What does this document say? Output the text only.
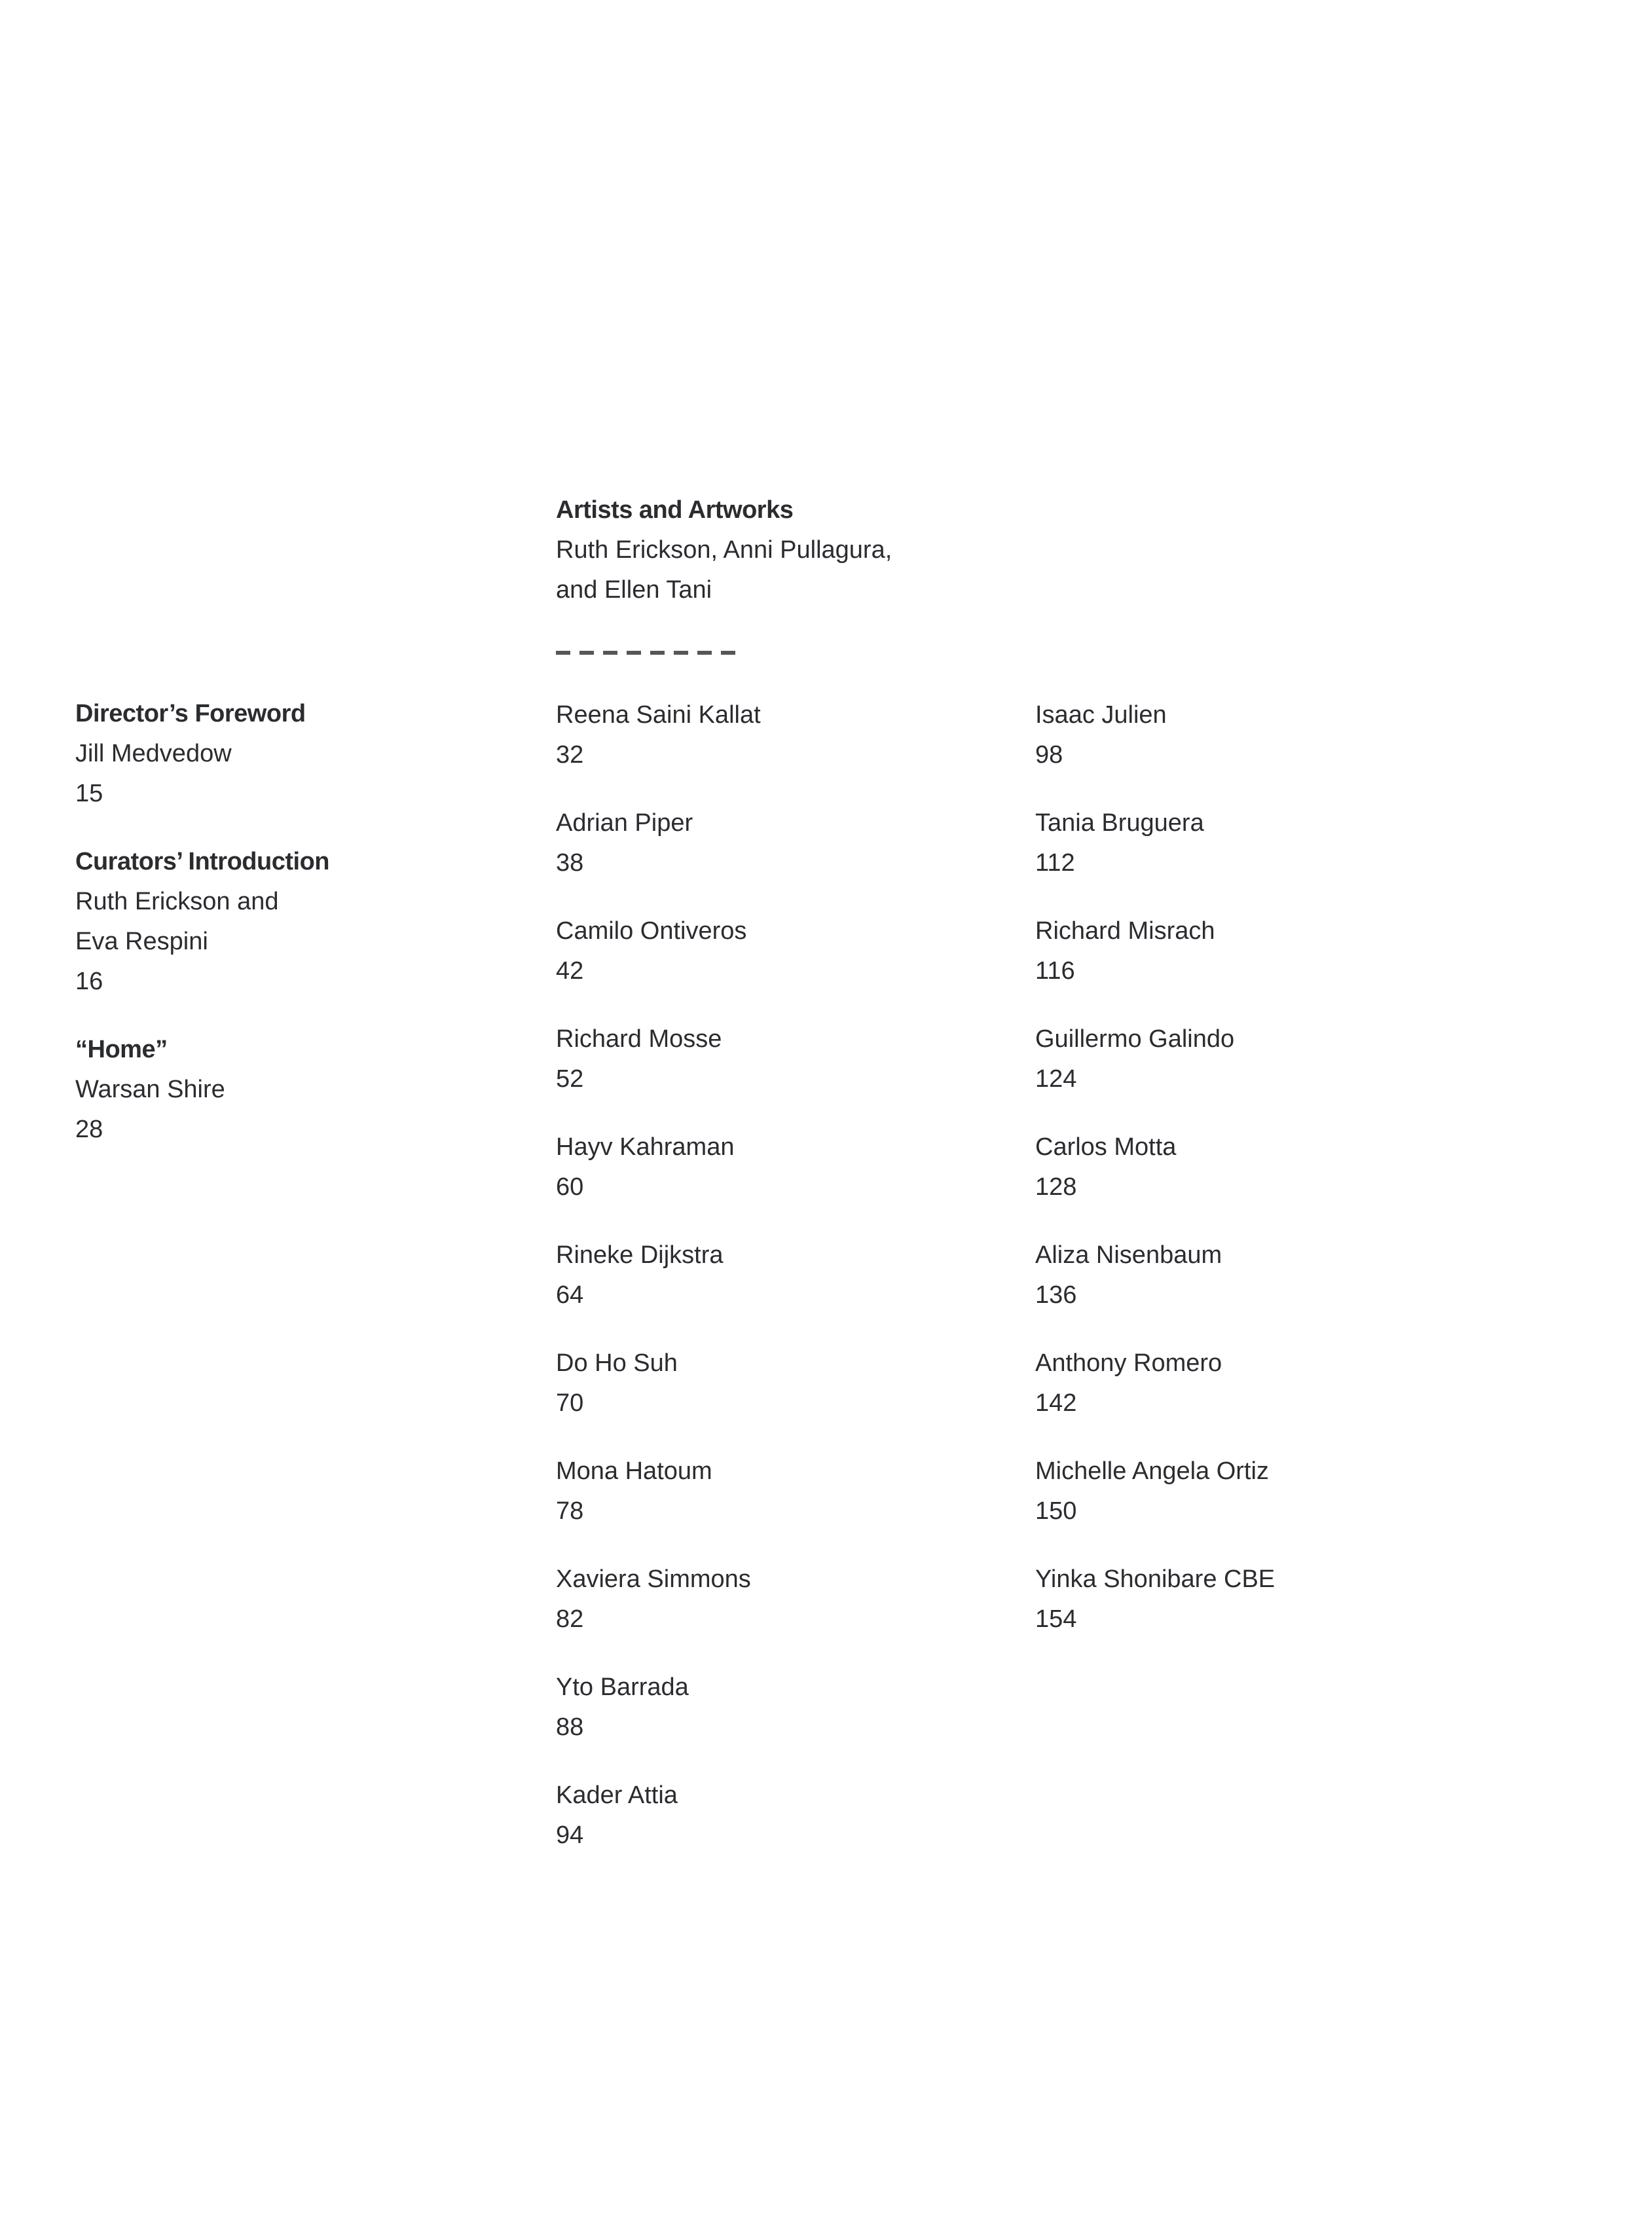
Director’s Foreword
Jill Medvedow
15
Curators’ Introduction
Ruth Erickson and
Eva Respini
16
“Home”
Warsan Shire
28
Artists and Artworks
Ruth Erickson, Anni Pullagura,
and Ellen Tani
Reena Saini Kallat
32
Adrian Piper
38
Camilo Ontiveros
42
Richard Mosse
52
Hayv Kahraman
60
Rineke Dijkstra
64
Do Ho Suh
70
Mona Hatoum
78
Xaviera Simmons
82
Yto Barrada
88
Kader Attia
94
Isaac Julien
98
Tania Bruguera
112
Richard Misrach
116
Guillermo Galindo
124
Carlos Motta
128
Aliza Nisenbaum
136
Anthony Romero
142
Michelle Angela Ortiz
150
Yinka Shonibare CBE
154
